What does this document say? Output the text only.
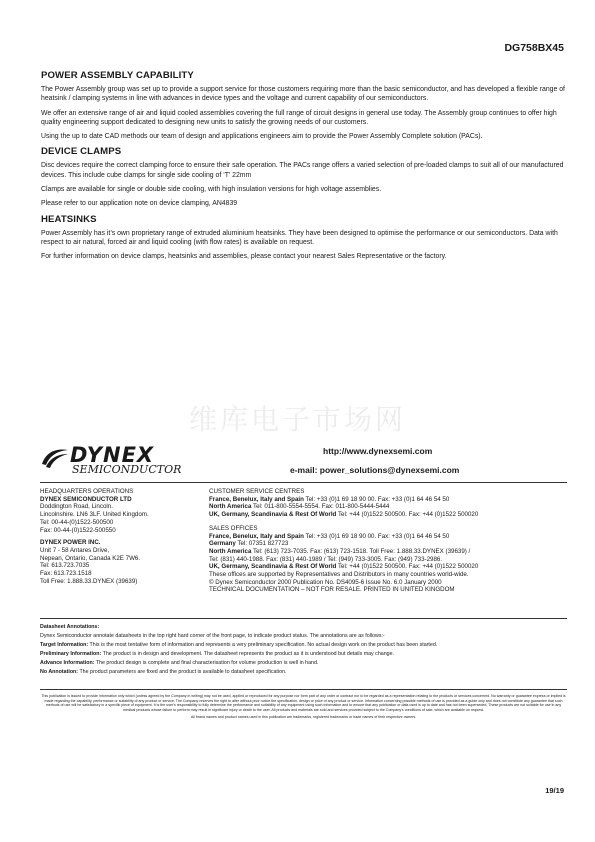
DG758BX45
POWER ASSEMBLY CAPABILITY

The Power Assembly group was set up to provide a support service for those customers requiring more than the basic semiconductor, and has developed a flexible range of heatsink / clamping systems in line with advances in device types and the voltage and current capability of our semiconductors.

We offer an extensive range of air and liquid cooled assemblies covering the full range of circuit designs in general use today. The Assembly group continues to offer high quality engineering support dedicated to designing new units to satisfy the growing needs of our customers.

Using the up to date CAD methods our team of design and applications engineers aim to provide the Power Assembly Complete solution (PACs).

DEVICE CLAMPS

Disc devices require the correct clamping force to ensure their safe operation. The PACs range offers a varied selection of pre-loaded clamps to suit all of our manufactured devices. This include cube clamps for single side cooling of ‘T’ 22mm

Clamps are available for single or double side cooling, with high insulation versions for high voltage assemblies.

Please refer to our application note on device clamping, AN4839

HEATSINKS

Power Assembly has it’s own proprietary range of extruded aluminium heatsinks. They have been designed to optimise the performance or our semiconductors. Data with respect to air natural, forced air and liquid cooling (with flow rates) is available on request.

For further information on device clamps, heatsinks and assemblies, please contact your nearest Sales Representative or the factory.

维库电子市场网
DYNEX
SEMICONDUCTOR
http://www.dynexsemi.com
e-mail: power_solutions@dynexsemi.com
HEADQUARTERS OPERATIONS
DYNEX SEMICONDUCTOR LTD
Doddington Road, Lincoln.
Lincolnshire. LN6 3LF. United Kingdom.
Tel: 00-44-(0)1522-500500
Fax: 00-44-(0)1522-500550
DYNEX POWER INC.
Unit 7 - 58 Antares Drive,
Nepean, Ontario, Canada K2E 7W6.
Tel: 613.723.7035
Fax: 613.723.1518
Toll Free: 1.888.33.DYNEX (39639)
CUSTOMER SERVICE CENTRES
France, Benelux, Italy and Spain Tel: +33 (0)1 69 18 90 00. Fax: +33 (0)1 64 46 54 50
North America Tel: 011-800-5554-5554. Fax: 011-800-5444-5444
UK, Germany, Scandinavia & Rest Of World Tel: +44 (0)1522 500500. Fax: +44 (0)1522 500020
SALES OFFICES
France, Benelux, Italy and Spain Tel: +33 (0)1 69 18 90 00. Fax: +33 (0)1 64 46 54 50
Germany Tel: 07351 827723
North America Tel: (613) 723-7035. Fax: (613) 723-1518. Toll Free: 1.888.33.DYNEX (39639) /
Tel: (831) 440-1988. Fax: (831) 440-1989 / Tel: (949) 733-3005. Fax: (949) 733-2986.
UK, Germany, Scandinavia & Rest Of World Tel: +44 (0)1522 500500. Fax: +44 (0)1522 500020
These offices are supported by Representatives and Distributors in many countries world-wide.
© Dynex Semiconductor 2000 Publication No. DS4095-6 Issue No. 6.0 January 2000
TECHNICAL DOCUMENTATION – NOT FOR RESALE. PRINTED IN UNITED KINGDOM
Datasheet Annotations:
Dynex Semiconductor annotate datasheets in the top right hard corner of the front page, to indicate product status. The annotations are as follows:-
Target Information: This is the most tentative form of information and represents a very preliminary specification. No actual design work on the product has been started.
Preliminary Information: The product is in design and development. The datasheet represents the product as it is understood but details may change.
Advance Information: The product design is complete and final characterisation for volume production is well in hand.
No Annotation: The product parameters are fixed and the product is available to datasheet specification.
This publication is issued to provide information only which (unless agreed by the Company in writing) may not be used, applied or reproduced for any purpose nor form part of any order or contract nor to be regarded as a representation relating to the products or services concerned. No warranty or guarantee express or implied is made regarding the capability, performance or suitability of any product or service. The Company reserves the right to alter without prior notice the specification, design or price of any product or service. Information concerning possible methods of use is provided as a guide only and does not constitute any guarantee that such methods of use will be satisfactory in a specific piece of equipment. It is the user's responsibility to fully determine the performance and suitability of any equipment using such information and to ensure that any publication or data used is up to date and has not been superseded. These products are not suitable for use in any medical products whose failure to perform may result in significant injury or death to the user. All products and materials are sold and services provided subject to the Company's conditions of sale, which are available on request.
All brand names and product names used in this publication are trademarks, registered trademarks or trade names of their respective owners.
19/19
